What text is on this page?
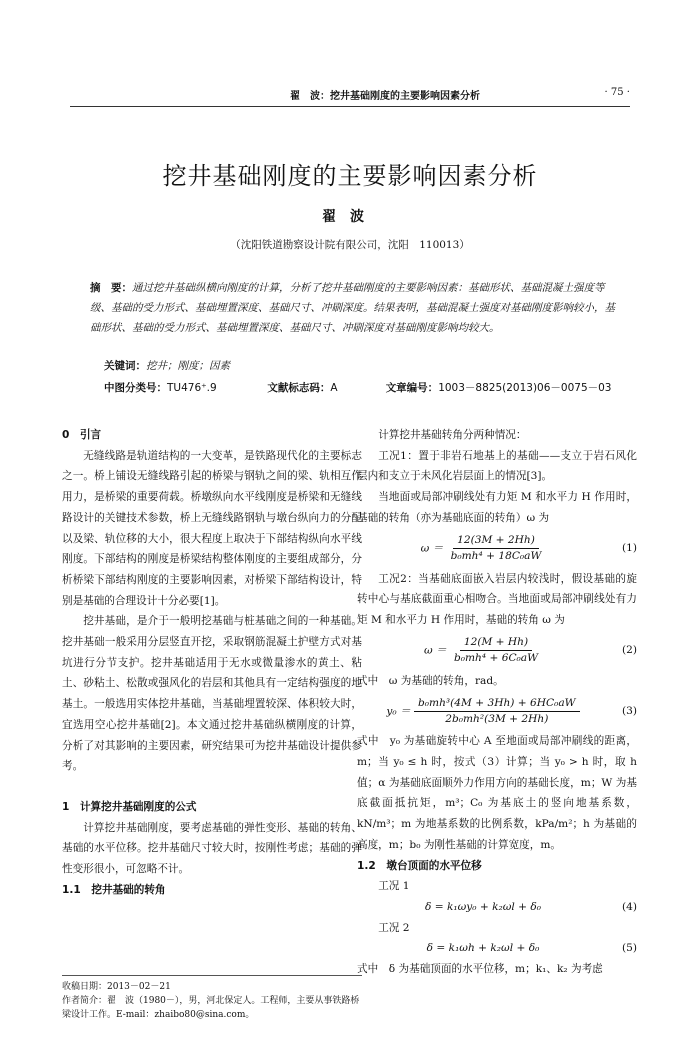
翟　波：挖井基础刚度的主要影响因素分析	· 75 ·
挖井基础刚度的主要影响因素分析
翟波
（沈阳铁道勘察设计院有限公司，沈阳　110013）
摘　要：通过挖井基础纵横向刚度的计算，分析了挖井基础刚度的主要影响因素：基础形状、基础混凝土强度等级、基础的受力形式、基础埋置深度、基础尺寸、冲刷深度。结果表明，基础混凝土强度对基础刚度影响较小，基础形状、基础的受力形式、基础埋置深度、基础尺寸、冲刷深度对基础刚度影响均较大。
关键词：挖井；刚度；因素
中图分类号：TU476⁺.9	文献标志码：A	文章编号：1003－8825(2013)06－0075－03

0　引言

无缝线路是轨道结构的一大变革，是铁路现代化的主要标志之一。桥上铺设无缝线路引起的桥梁与钢轨之间的梁、轨相互作用力，是桥梁的重要荷载。桥墩纵向水平线刚度是桥梁和无缝线路设计的关键技术参数，桥上无缝线路钢轨与墩台纵向力的分配以及梁、轨位移的大小，很大程度上取决于下部结构纵向水平线刚度。下部结构的刚度是桥梁结构整体刚度的主要组成部分，分析桥梁下部结构刚度的主要影响因素，对桥梁下部结构设计，特别是基础的合理设计十分必要[1]。

挖井基础，是介于一般明挖基础与桩基础之间的一种基础。挖井基础一般采用分层竖直开挖，采取钢筋混凝土护壁方式对基坑进行分节支护。挖井基础适用于无水或微量渗水的黄土、粘土、砂粘土、松散或强风化的岩层和其他具有一定结构强度的地基土。一般选用实体挖井基础，当基础埋置较深、体积较大时，宜选用空心挖井基础[2]。本文通过挖井基础纵横刚度的计算，分析了对其影响的主要因素，研究结果可为挖井基础设计提供参考。

1　计算挖井基础刚度的公式

计算挖井基础刚度，要考虑基础的弹性变形、基础的转角、基础的水平位移。挖井基础尺寸较大时，按刚性考虑；基础的弹性变形很小，可忽略不计。

1.1　挖井基础的转角

收稿日期：2013－02－21
作者简介：翟　波（1980－），男，河北保定人。工程师，主要从事铁路桥梁设计工作。E-mail：zhaibo80@sina.com。

计算挖井基础转角分两种情况：

工况1：置于非岩石地基上的基础——支立于岩石风化层内和支立于未风化岩层面上的情况[3]。

当地面或局部冲刷线处有力矩 M 和水平力 H 作用时，基础的转角（亦为基础底面的转角）ω 为

$\omega = \frac{12(3M + 2Hh)}{\text{b₀mh⁴ + 18C₀aW}}$	(1)

工况2：当基础底面嵌入岩层内较浅时，假设基础的旋转中心与基底截面重心相吻合。当地面或局部冲刷线处有力矩 M 和水平力 H 作用时，基础的转角 ω 为

$\omega = \frac{12(M + Hh)}{\text{b₀mh⁴ + 6C₀aW}}$	(2)

式中　ω 为基础的转角，rad。

$y_0 = \frac{\text{b₀mh³(4M + 3Hh) + 6HC₀aW}}{\text{2b₀mh²(3M + 2Hh)}}$	(3)

式中　y₀ 为基础旋转中心 A 至地面或局部冲刷线的距离，m；当 y₀ ≤ h 时，按式（3）计算；当 y₀ > h 时，取 h 值；α 为基础底面顺外力作用方向的基础长度，m；W 为基底截面抵抗矩，m³；C₀ 为基底土的竖向地基系数，kN/m³；m 为地基系数的比例系数，kPa/m²；h 为基础的高度，m；b₀ 为刚性基础的计算宽度，m。

1.2　墩台顶面的水平位移

工况 1

δ = k₁ωy₀ + k₂ωl + δ₀	(4)

工况 2

δ = k₁ωh + k₂ωl + δ₀	(5)

式中　δ 为基础顶面的水平位移，m；k₁、k₂ 为考虑
